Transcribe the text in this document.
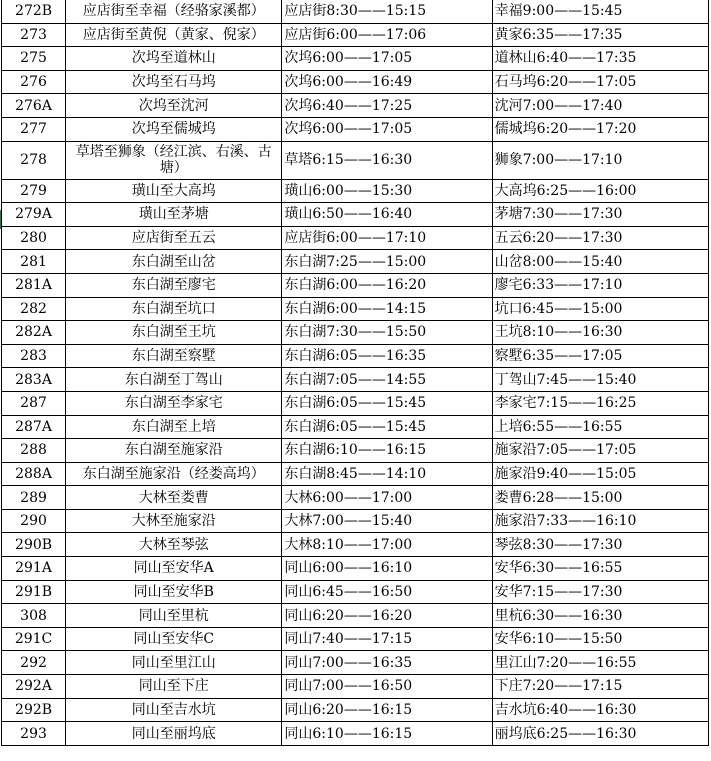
272B	应店街至幸福（经骆家溪都）	应店街8:30——15:15	幸福9:00——15:45
273	应店街至黄倪（黄家、倪家）	应店街6:00——17:06	黄家6:35——17:35
275	次坞至道林山	次坞6:00——17:05	道林山6:40——17:35
276	次坞至石马坞	次坞6:00——16:49	石马坞6:20——17:05
276A	次坞至沈河	次坞6:40——17:25	沈河7:00——17:40
277	次坞至儒城坞	次坞6:00——17:05	儒城坞6:20——17:20
278	草塔至狮象（经江滨、右溪、古塘）	草塔6:15——16:30	狮象7:00——17:10
279	璜山至大高坞	璜山6:00——15:30	大高坞6:25——16:00
279A	璜山至茅塘	璜山6:50——16:40	茅塘7:30——17:30
280	应店街至五云	应店街6:00——17:10	五云6:20——17:30
281	东白湖至山岔	东白湖7:25——15:00	山岔8:00——15:40
281A	东白湖至廖宅	东白湖6:00——16:20	廖宅6:33——17:10
282	东白湖至坑口	东白湖6:00——14:15	坑口6:45——15:00
282A	东白湖至王坑	东白湖7:30——15:50	王坑8:10——16:30
283	东白湖至察墅	东白湖6:05——16:35	察墅6:35——17:05
283A	东白湖至丁驾山	东白湖7:05——14:55	丁驾山7:45——15:40
287	东白湖至李家宅	东白湖6:05——15:45	李家宅7:15——16:25
287A	东白湖至上培	东白湖6:05——15:45	上培6:55——16:55
288	东白湖至施家沿	东白湖6:10——16:15	施家沿7:05——17:05
288A	东白湖至施家沿（经娄高坞）	东白湖8:45——14:10	施家沿9:40——15:05
289	大林至娄曹	大林6:00——17:00	娄曹6:28——15:00
290	大林至施家沿	大林7:00——15:40	施家沿7:33——16:10
290B	大林至琴弦	大林8:10——17:00	琴弦8:30——17:30
291A	同山至安华A	同山6:00——16:10	安华6:30——16:55
291B	同山至安华B	同山6:45——16:50	安华7:15——17:30
308	同山至里杭	同山6:20——16:20	里杭6:30——16:30
291C	同山至安华C	同山7:40——17:15	安华6:10——15:50
292	同山至里江山	同山7:00——16:35	里江山7:20——16:55
292A	同山至下庄	同山7:00——16:50	下庄7:20——17:15
292B	同山至吉水坑	同山6:20——16:15	吉水坑6:40——16:30
293	同山至丽坞底	同山6:10——16:15	丽坞底6:25——16:30
